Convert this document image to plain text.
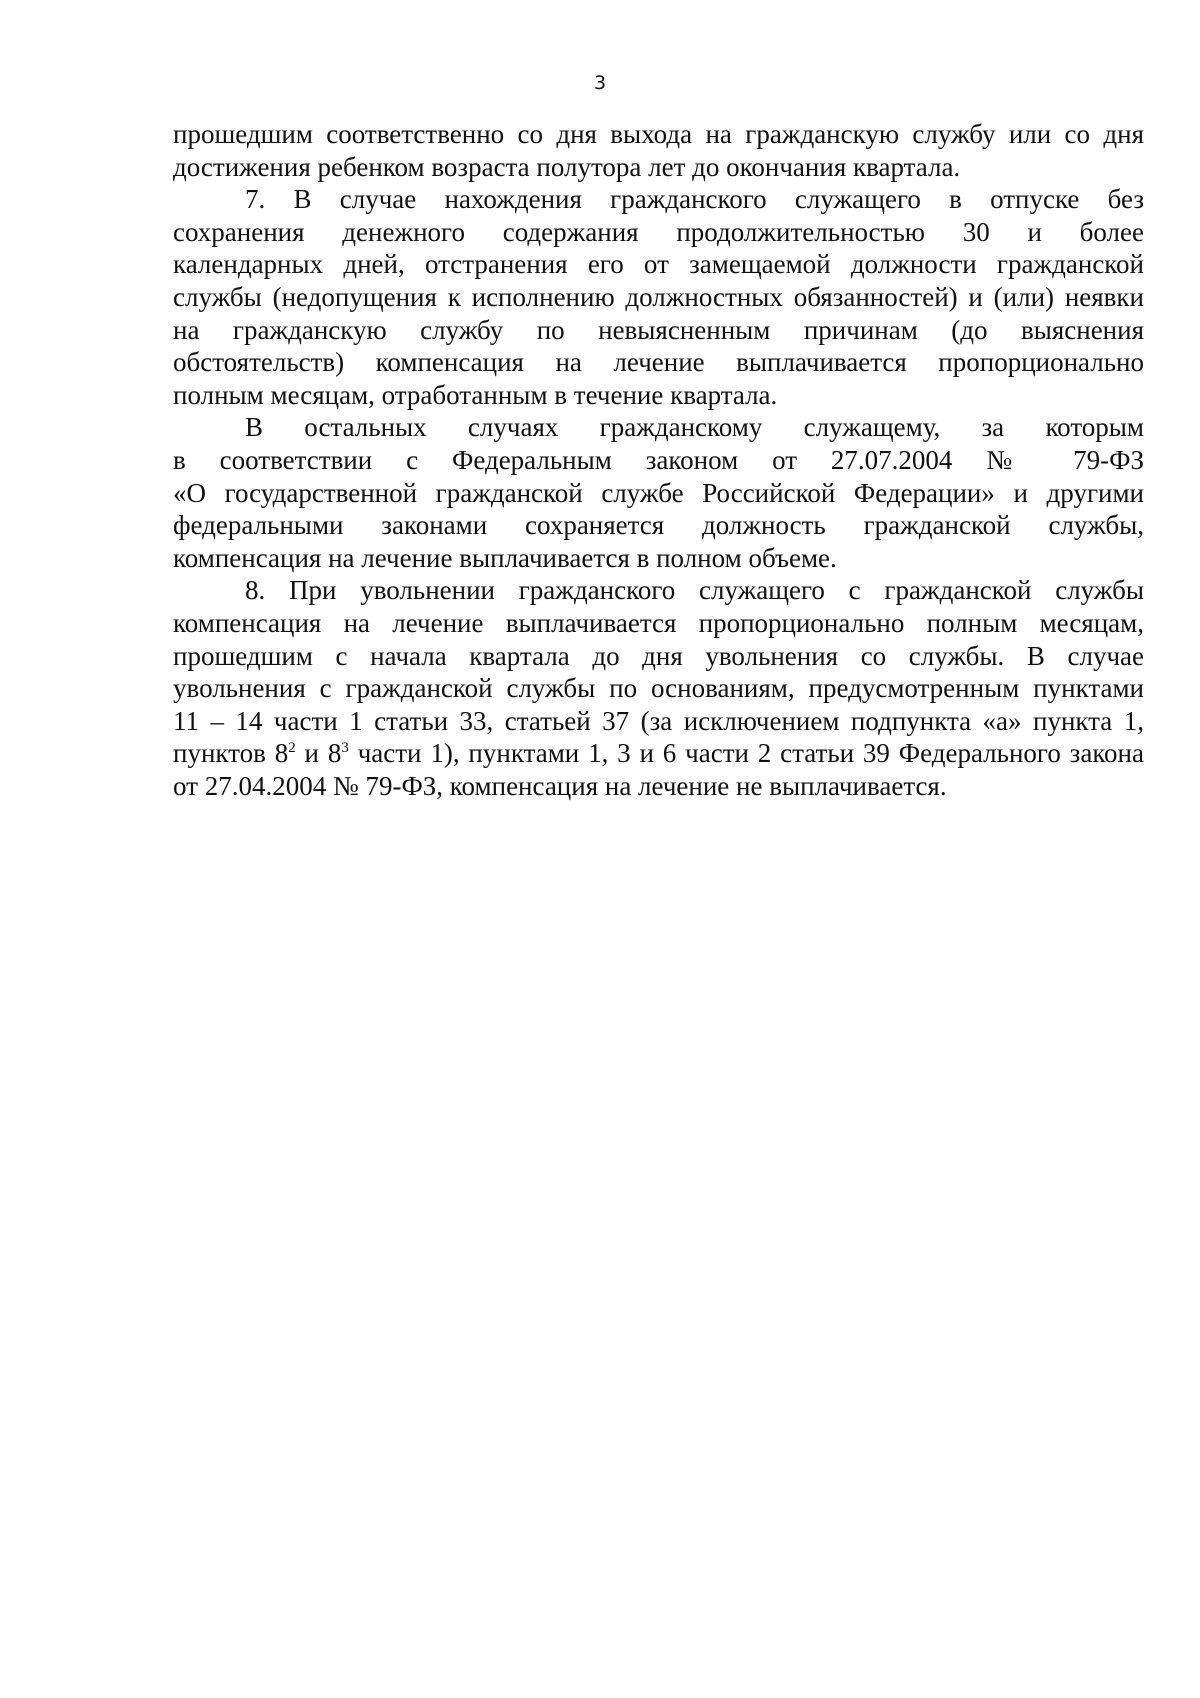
3
прошедшим соответственно со дня выхода на гражданскую службу или со дня
достижения ребенком возраста полутора лет до окончания квартала.
7. В случае нахождения гражданского служащего в отпуске без
сохранения денежного содержания продолжительностью 30 и более
календарных дней, отстранения его от замещаемой должности гражданской
службы (недопущения к исполнению должностных обязанностей) и (или) неявки
на гражданскую службу по невыясненным причинам (до выяснения
обстоятельств) компенсация на лечение выплачивается пропорционально
полным месяцам, отработанным в течение квартала.
В остальных случаях гражданскому служащему, за которым
в соответствии с Федеральным законом от 27.07.2004 № 79-ФЗ
«О государственной гражданской службе Российской Федерации» и другими
федеральными законами сохраняется должность гражданской службы,
компенсация на лечение выплачивается в полном объеме.
8. При увольнении гражданского служащего с гражданской службы
компенсация на лечение выплачивается пропорционально полным месяцам,
прошедшим с начала квартала до дня увольнения со службы. В случае
увольнения с гражданской службы по основаниям, предусмотренным пунктами
11 – 14 части 1 статьи 33, статьей 37 (за исключением подпункта «а» пункта 1,
пунктов $8^2$ и $8^3$ части 1), пунктами 1, 3 и 6 части 2 статьи 39 Федерального закона
от 27.04.2004 № 79-ФЗ, компенсация на лечение не выплачивается.
